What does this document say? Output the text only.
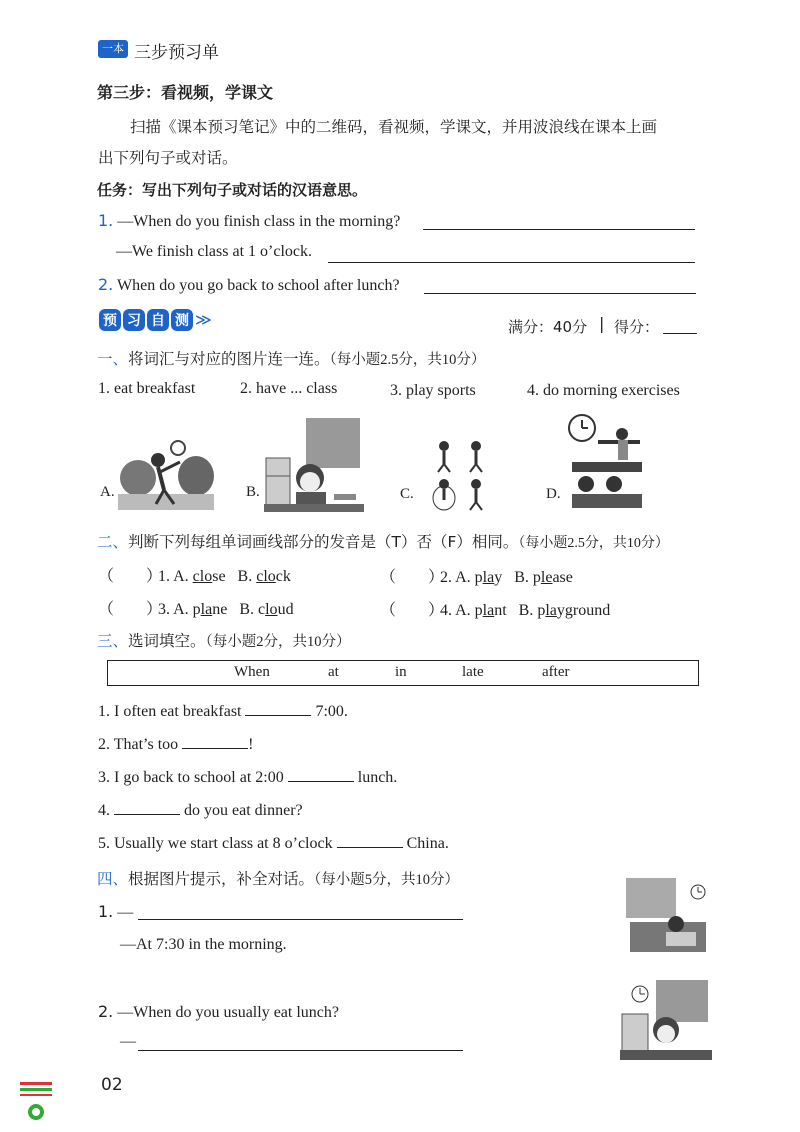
一本 三步预习单
第三步：看视频，学课文
扫描《课本预习笔记》中的二维码，看视频，学课文，并用波浪线在课本上画
出下列句子或对话。
任务：写出下列句子或对话的汉语意思。
1. —When do you finish class in the morning?
—We finish class at 1 o’clock.
2. When do you go back to school after lunch?
预 习 自 测 ≫	满分：40分 | 得分：
一、将词汇与对应的图片连一连。（每小题2.5分，共10分）
1. eat breakfast	2. have ... class	3. play sports	4. do morning exercises
A.	B.	C.	D.
二、判断下列每组单词画线部分的发音是（T）否（F）相同。（每小题2.5分，共10分）
（　　） 1. A. close B. clock	（　　） 2. A. play B. please
（　　） 3. A. plane B. cloud	（　　） 4. A. plant B. playground
三、选词填空。（每小题2分，共10分）
When	at	in	late	after
1. I often eat breakfast	7:00.
2. That’s too	!
3. I go back to school at 2:00	lunch.
4.	do you eat dinner?
5. Usually we start class at 8 o’clock	China.
四、根据图片提示，补全对话。（每小题5分，共10分）
1. —
—At 7:30 in the morning.
2. —When do you usually eat lunch?
—
02
